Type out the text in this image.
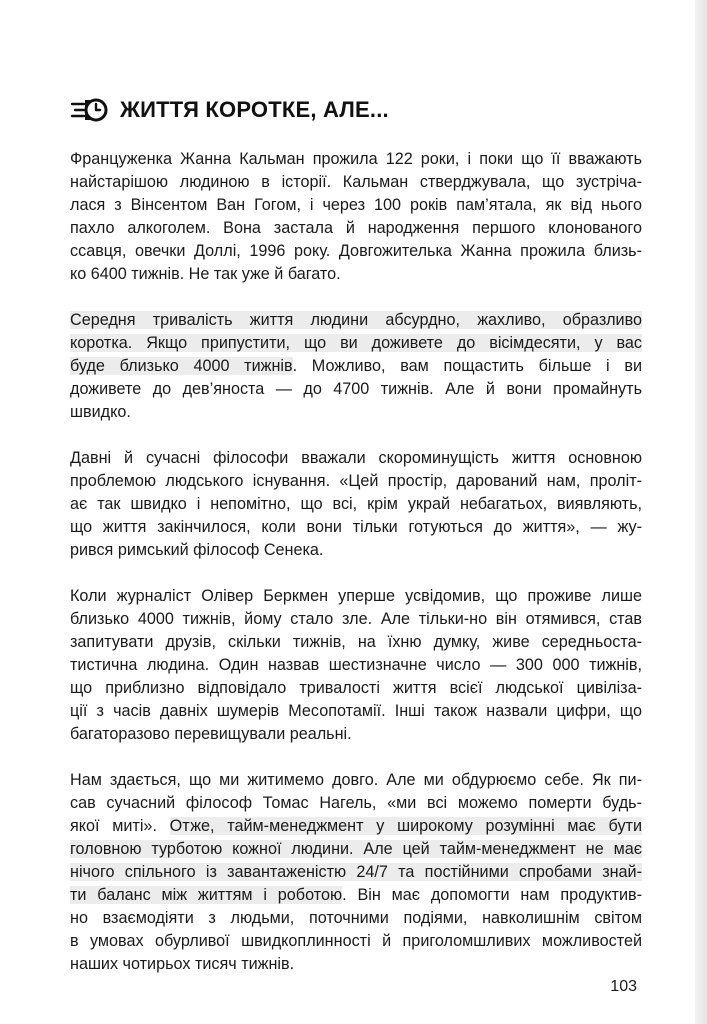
ЖИТТЯ КОРОТКЕ, АЛЕ...

Француженка Жанна Кальман прожила 122 роки, і поки що її вважають
найстарішою людиною в історії. Кальман стверджувала, що зустріча-
лася з Вінсентом Ван Гогом, і через 100 років пам’ятала, як від нього
пахло алкоголем. Вона застала й народження першого клонованого
ссавця, овечки Доллі, 1996 року. Довгожителька Жанна прожила близь-
ко 6400 тижнів. Не так уже й багато.

Середня тривалість життя людини абсурдно, жахливо, образливо
коротка. Якщо припустити, що ви доживете до вісімдесяти, у вас
буде близько 4000 тижнів. Можливо, вам пощастить більше і ви
доживете до дев’яноста — до 4700 тижнів. Але й вони промайнуть
швидко.

Давні й сучасні філософи вважали скороминущість життя основною
проблемою людського існування. «Цей простір, дарований нам, проліт-
ає так швидко і непомітно, що всі, крім украй небагатьох, виявляють,
що життя закінчилося, коли вони тільки готуються до життя», — жу-
рився римський філософ Сенека.

Коли журналіст Олівер Беркмен уперше усвідомив, що проживе лише
близько 4000 тижнів, йому стало зле. Але тільки-но він отямився, став
запитувати друзів, скільки тижнів, на їхню думку, живе середньоста-
тистична людина. Один назвав шестизначне число — 300 000 тижнів,
що приблизно відповідало тривалості життя всієї людської цивіліза-
ції з часів давніх шумерів Месопотамії. Інші також назвали цифри, що
багаторазово перевищували реальні.

Нам здається, що ми житимемо довго. Але ми обдурюємо себе. Як пи-
сав сучасний філософ Томас Нагель, «ми всі можемо померти будь-
якої миті». Отже, тайм-менеджмент у широкому розумінні має бути
головною турботою кожної людини. Але цей тайм-менеджмент не має
нічого спільного із завантаженістю 24/7 та постійними спробами знай-
ти баланс між життям і роботою. Він має допомогти нам продуктив-
но взаємодіяти з людьми, поточними подіями, навколишнім світом
в умовах обурливої швидкоплинності й приголомшливих можливостей
наших чотирьох тисяч тижнів.

103
